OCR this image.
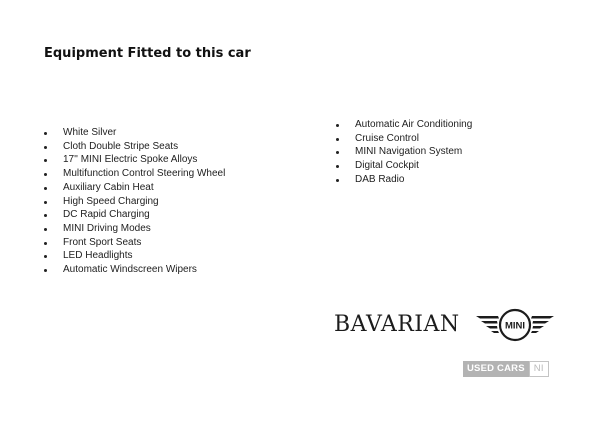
Equipment Fitted to this car
White Silver
Cloth Double Stripe Seats
17'' MINI Electric Spoke Alloys
Multifunction Control Steering Wheel
Auxiliary Cabin Heat
High Speed Charging
DC Rapid Charging
MINI Driving Modes
Front Sport Seats
LED Headlights
Automatic Windscreen Wipers
Automatic Air Conditioning
Cruise Control
MINI Navigation System
Digital Cockpit
DAB Radio
BAVARIAN	MINI
USED CARS NI
